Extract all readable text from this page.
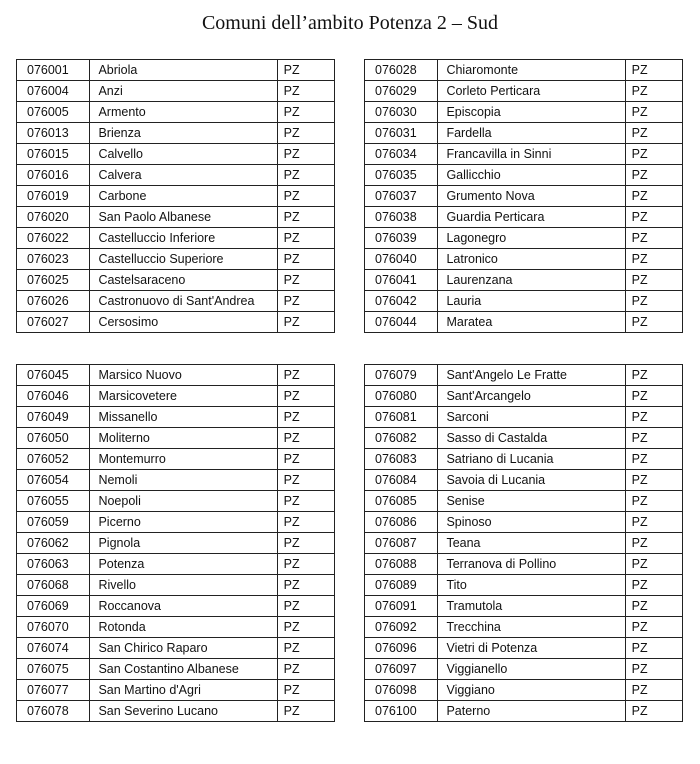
Comuni dell’ambito Potenza 2 – Sud
076001	Abriola	PZ
076004	Anzi	PZ
076005	Armento	PZ
076013	Brienza	PZ
076015	Calvello	PZ
076016	Calvera	PZ
076019	Carbone	PZ
076020	San Paolo Albanese	PZ
076022	Castelluccio Inferiore	PZ
076023	Castelluccio Superiore	PZ
076025	Castelsaraceno	PZ
076026	Castronuovo di Sant'Andrea	PZ
076027	Cersosimo	PZ
076028	Chiaromonte	PZ
076029	Corleto Perticara	PZ
076030	Episcopia	PZ
076031	Fardella	PZ
076034	Francavilla in Sinni	PZ
076035	Gallicchio	PZ
076037	Grumento Nova	PZ
076038	Guardia Perticara	PZ
076039	Lagonegro	PZ
076040	Latronico	PZ
076041	Laurenzana	PZ
076042	Lauria	PZ
076044	Maratea	PZ
076045	Marsico Nuovo	PZ
076046	Marsicovetere	PZ
076049	Missanello	PZ
076050	Moliterno	PZ
076052	Montemurro	PZ
076054	Nemoli	PZ
076055	Noepoli	PZ
076059	Picerno	PZ
076062	Pignola	PZ
076063	Potenza	PZ
076068	Rivello	PZ
076069	Roccanova	PZ
076070	Rotonda	PZ
076074	San Chirico Raparo	PZ
076075	San Costantino Albanese	PZ
076077	San Martino d'Agri	PZ
076078	San Severino Lucano	PZ
076079	Sant'Angelo Le Fratte	PZ
076080	Sant'Arcangelo	PZ
076081	Sarconi	PZ
076082	Sasso di Castalda	PZ
076083	Satriano di Lucania	PZ
076084	Savoia di Lucania	PZ
076085	Senise	PZ
076086	Spinoso	PZ
076087	Teana	PZ
076088	Terranova di Pollino	PZ
076089	Tito	PZ
076091	Tramutola	PZ
076092	Trecchina	PZ
076096	Vietri di Potenza	PZ
076097	Viggianello	PZ
076098	Viggiano	PZ
076100	Paterno	PZ
